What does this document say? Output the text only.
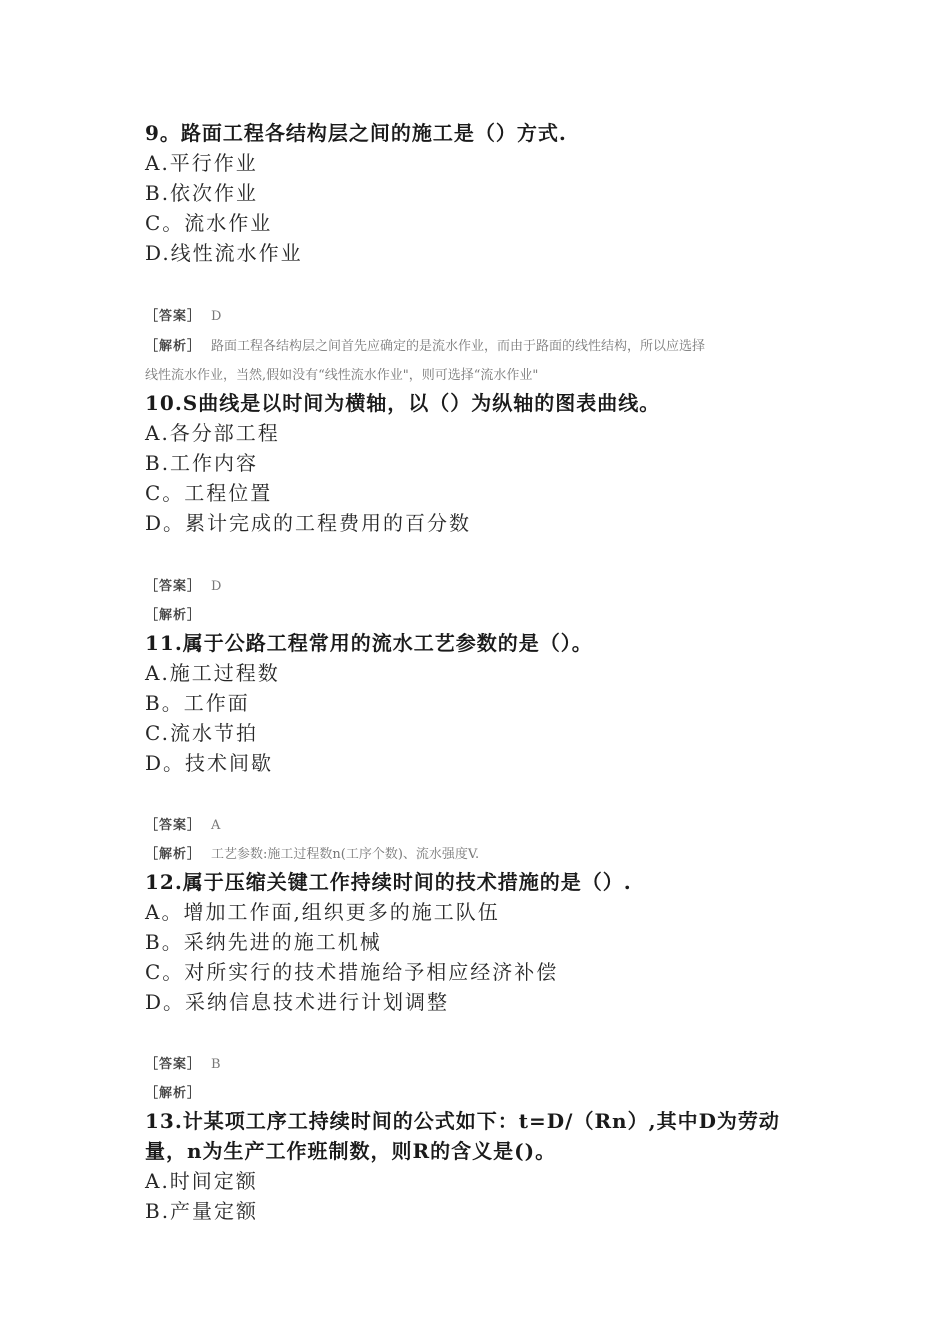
9。路面工程各结构层之间的施工是（）方式.

A.平行作业

B.依次作业

C。流水作业

D.线性流水作业

［答案］ D

［解析］ 路面工程各结构层之间首先应确定的是流水作业，而由于路面的线性结构，所以应选择

线性流水作业，当然,假如没有“线性流水作业"，则可选择“流水作业"

10.S曲线是以时间为横轴，以（）为纵轴的图表曲线。

A.各分部工程

B.工作内容

C。工程位置

D。累计完成的工程费用的百分数

［答案］ D

［解析］

11.属于公路工程常用的流水工艺参数的是（）。

A.施工过程数

B。工作面

C.流水节拍

D。技术间歇

［答案］ A

［解析］ 工艺参数:施工过程数n(工序个数)、流水强度V.

12.属于压缩关键工作持续时间的技术措施的是（）.

A。增加工作面,组织更多的施工队伍

B。采纳先进的施工机械

C。对所实行的技术措施给予相应经济补偿

D。采纳信息技术进行计划调整

［答案］ B

［解析］

13.计某项工序工持续时间的公式如下：t=D/（Rn）,其中D为劳动

量，n为生产工作班制数，则R的含义是()。

A.时间定额

B.产量定额
